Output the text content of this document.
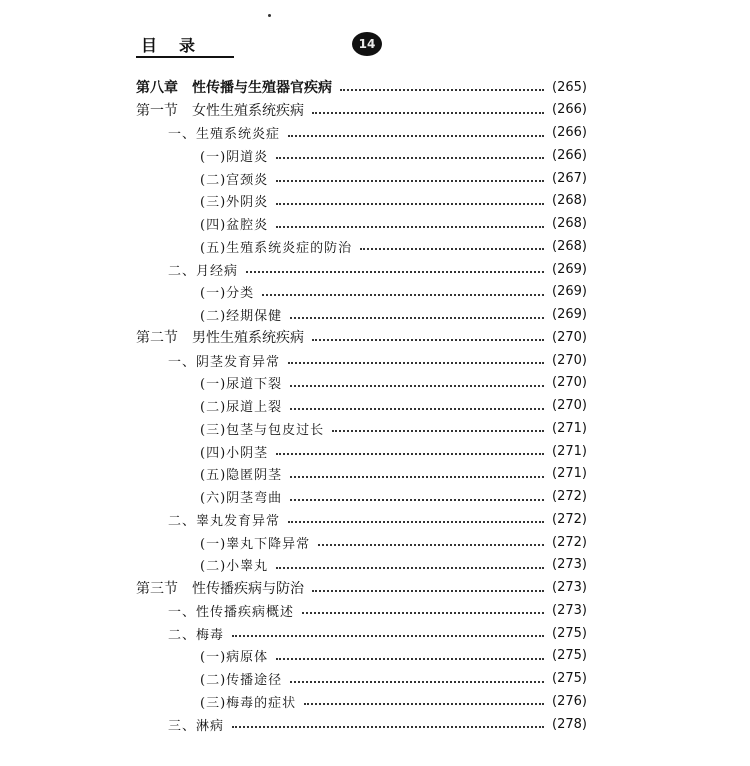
目 录	14
第八章　性传播与生殖器官疾病	(265)
第一节　女性生殖系统疾病	(266)
一、生殖系统炎症	(266)
(一)阴道炎	(266)
(二)宫颈炎	(267)
(三)外阴炎	(268)
(四)盆腔炎	(268)
(五)生殖系统炎症的防治	(268)
二、月经病	(269)
(一)分类	(269)
(二)经期保健	(269)
第二节　男性生殖系统疾病	(270)
一、阴茎发育异常	(270)
(一)尿道下裂	(270)
(二)尿道上裂	(270)
(三)包茎与包皮过长	(271)
(四)小阴茎	(271)
(五)隐匿阴茎	(271)
(六)阴茎弯曲	(272)
二、睾丸发育异常	(272)
(一)睾丸下降异常	(272)
(二)小睾丸	(273)
第三节　性传播疾病与防治	(273)
一、性传播疾病概述	(273)
二、梅毒	(275)
(一)病原体	(275)
(二)传播途径	(275)
(三)梅毒的症状	(276)
三、淋病	(278)
